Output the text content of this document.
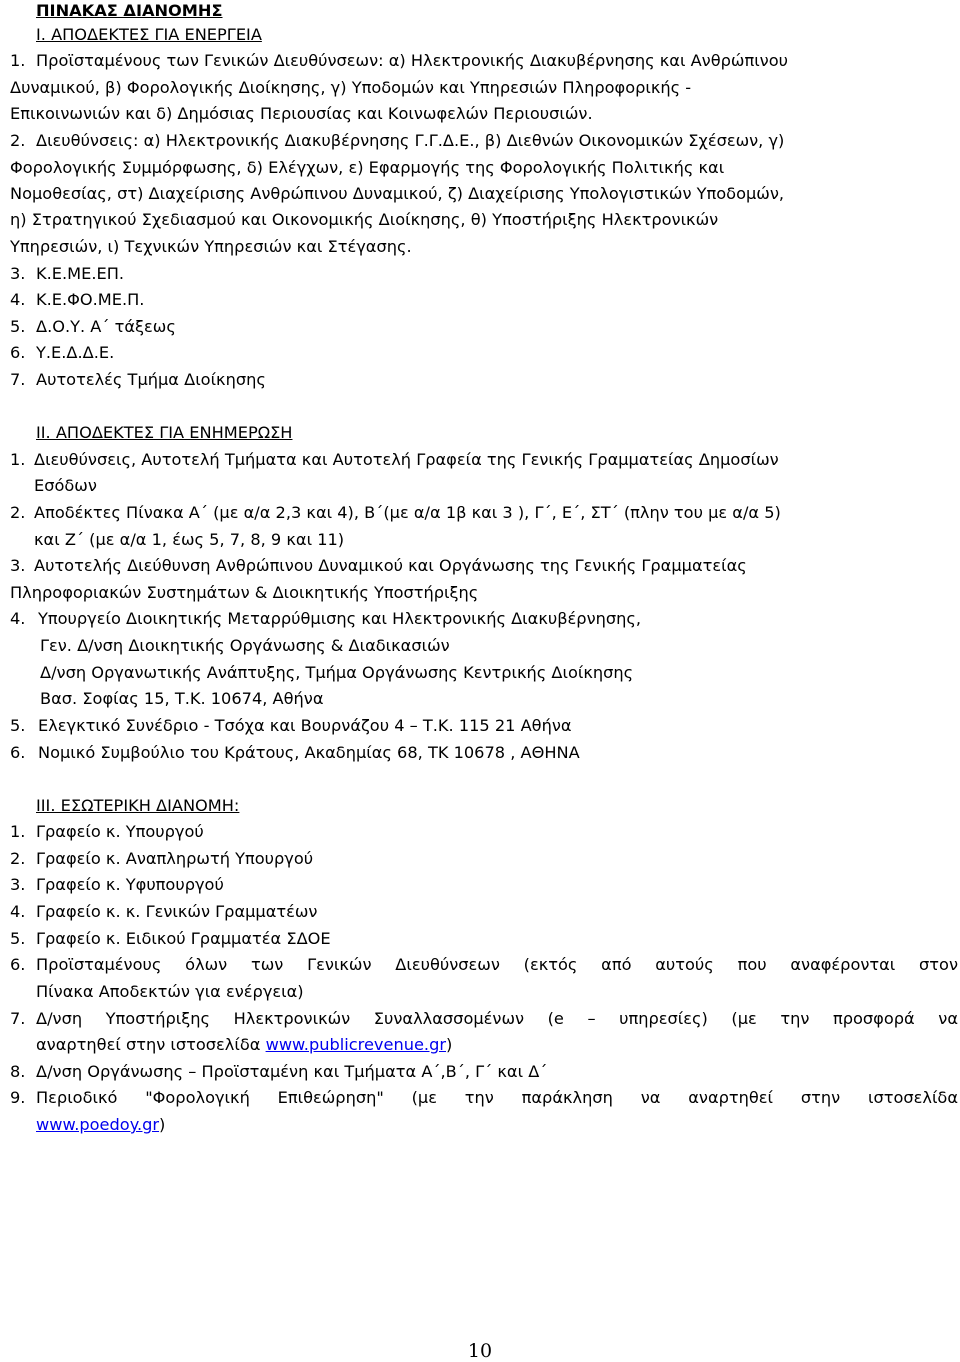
ΠΙΝΑΚΑΣ ΔΙΑΝΟΜΗΣ
Ι. ΑΠΟΔΕΚΤΕΣ ΓΙΑ ΕΝΕΡΓΕΙΑ
1. Προϊσταμένους των Γενικών Διευθύνσεων: α) Ηλεκτρονικής Διακυβέρνησης και Ανθρώπινου
Δυναμικού, β) Φορολογικής Διοίκησης, γ) Υποδομών και Υπηρεσιών Πληροφορικής -
Επικοινωνιών και δ) Δημόσιας Περιουσίας και Κοινωφελών Περιουσιών.
2. Διευθύνσεις: α) Ηλεκτρονικής Διακυβέρνησης Γ.Γ.Δ.Ε., β) Διεθνών Οικονομικών Σχέσεων, γ)
Φορολογικής Συμμόρφωσης, δ) Ελέγχων, ε) Εφαρμογής της Φορολογικής Πολιτικής και
Νομοθεσίας, στ) Διαχείρισης Ανθρώπινου Δυναμικού, ζ) Διαχείρισης Υπολογιστικών Υποδομών,
η) Στρατηγικού Σχεδιασμού και Οικονομικής Διοίκησης, θ) Υποστήριξης Ηλεκτρονικών
Υπηρεσιών, ι) Τεχνικών Υπηρεσιών και Στέγασης.
3. Κ.Ε.ΜΕ.ΕΠ.
4. Κ.Ε.ΦΟ.ΜΕ.Π.
5. Δ.Ο.Υ. Α΄ τάξεως
6. Υ.Ε.Δ.Δ.Ε.
7. Αυτοτελές Τμήμα Διοίκησης
ΙΙ. ΑΠΟΔΕΚΤΕΣ ΓΙΑ ΕΝΗΜΕΡΩΣΗ
1. Διευθύνσεις, Αυτοτελή Τμήματα και Αυτοτελή Γραφεία της Γενικής Γραμματείας Δημοσίων
Εσόδων
2. Αποδέκτες Πίνακα Α΄ (με α/α 2,3 και 4), Β΄(με α/α 1β και 3 ), Γ΄, Ε΄, ΣΤ΄ (πλην του με α/α 5)
και Ζ΄ (με α/α 1, έως 5, 7, 8, 9 και 11)
3. Αυτοτελής Διεύθυνση Ανθρώπινου Δυναμικού και Οργάνωσης της Γενικής Γραμματείας
Πληροφοριακών Συστημάτων & Διοικητικής Υποστήριξης
4. Υπουργείο Διοικητικής Μεταρρύθμισης και Ηλεκτρονικής Διακυβέρνησης,
Γεν. Δ/νση Διοικητικής Οργάνωσης & Διαδικασιών
Δ/νση Οργανωτικής Ανάπτυξης, Τμήμα Οργάνωσης Κεντρικής Διοίκησης
Βασ. Σοφίας 15, Τ.Κ. 10674, Αθήνα
5. Ελεγκτικό Συνέδριο - Τσόχα και Βουρνάζου 4 – Τ.Κ. 115 21 Αθήνα
6. Νομικό Συμβούλιο του Κράτους, Ακαδημίας 68, ΤΚ 10678 , ΑΘΗΝΑ
ΙΙΙ. ΕΣΩΤΕΡΙΚΗ ΔΙΑΝΟΜΗ:
1. Γραφείο κ. Υπουργού
2. Γραφείο κ. Αναπληρωτή Υπουργού
3. Γραφείο κ. Υφυπουργού
4. Γραφείο κ. κ. Γενικών Γραμματέων
5. Γραφείο κ. Ειδικού Γραμματέα ΣΔΟΕ
6. Προϊσταμένους όλων των Γενικών Διευθύνσεων (εκτός από αυτούς που αναφέρονται στον
Πίνακα Αποδεκτών για ενέργεια)
7. Δ/νση Υποστήριξης Ηλεκτρονικών Συναλλασσομένων (e – υπηρεσίες) (με την προσφορά να
αναρτηθεί στην ιστοσελίδα www.publicrevenue.gr)
8. Δ/νση Οργάνωσης – Προϊσταμένη και Τμήματα Α΄,Β΄, Γ΄ και Δ΄
9. Περιοδικό "Φορολογική Επιθεώρηση" (με την παράκληση να αναρτηθεί στην ιστοσελίδα
www.poedoy.gr)
10
